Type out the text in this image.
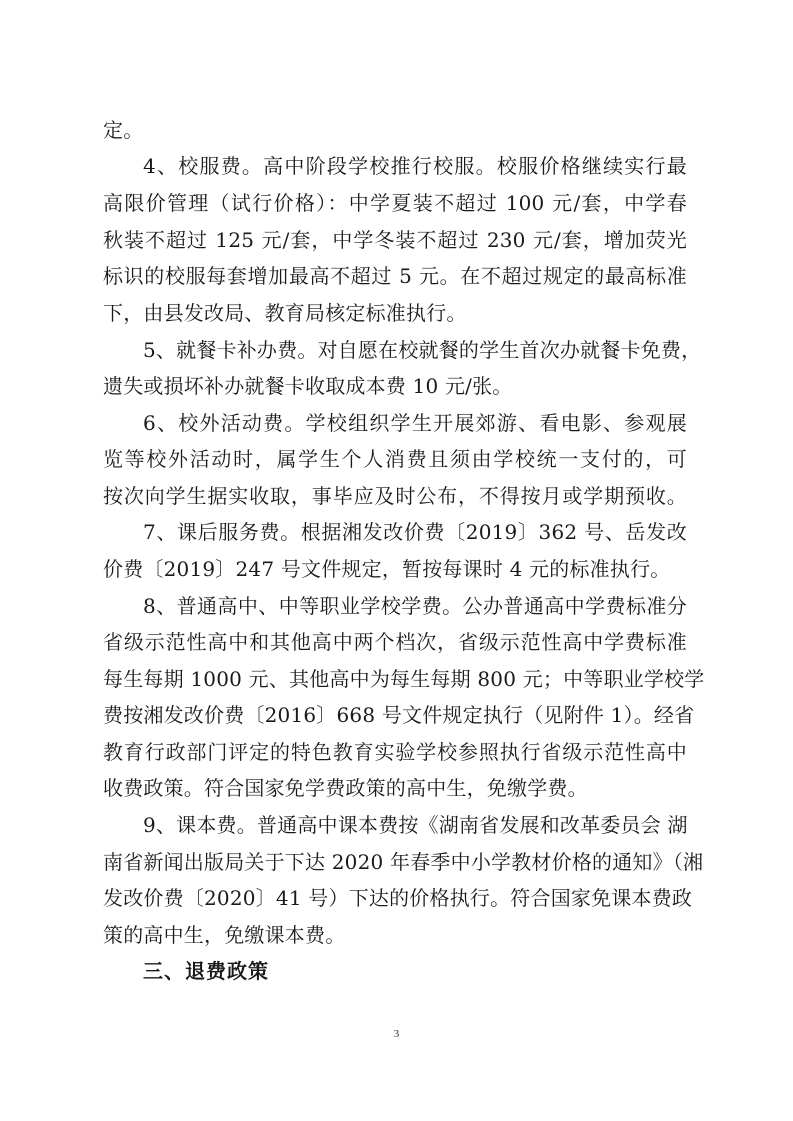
定。
4、校服费。高中阶段学校推行校服。校服价格继续实行最
高限价管理（试行价格）：中学夏装不超过 100 元/套，中学春
秋装不超过 125 元/套，中学冬装不超过 230 元/套，增加荧光
标识的校服每套增加最高不超过 5 元。在不超过规定的最高标准
下，由县发改局、教育局核定标准执行。
5、就餐卡补办费。对自愿在校就餐的学生首次办就餐卡免费，
遗失或损坏补办就餐卡收取成本费 10 元/张。
6、校外活动费。学校组织学生开展郊游、看电影、参观展
览等校外活动时，属学生个人消费且须由学校统一支付的，可
按次向学生据实收取，事毕应及时公布，不得按月或学期预收。
7、课后服务费。根据湘发改价费〔2019〕362 号、岳发改
价费〔2019〕247 号文件规定，暂按每课时 4 元的标准执行。
8、普通高中、中等职业学校学费。公办普通高中学费标准分
省级示范性高中和其他高中两个档次，省级示范性高中学费标准
每生每期 1000 元、其他高中为每生每期 800 元；中等职业学校学
费按湘发改价费〔2016〕668 号文件规定执行（见附件 1）。经省
教育行政部门评定的特色教育实验学校参照执行省级示范性高中
收费政策。符合国家免学费政策的高中生，免缴学费。
9、课本费。普通高中课本费按《湖南省发展和改革委员会 湖
南省新闻出版局关于下达 2020 年春季中小学教材价格的通知》（湘
发改价费〔2020〕41 号）下达的价格执行。符合国家免课本费政
策的高中生，免缴课本费。
三、退费政策
3
